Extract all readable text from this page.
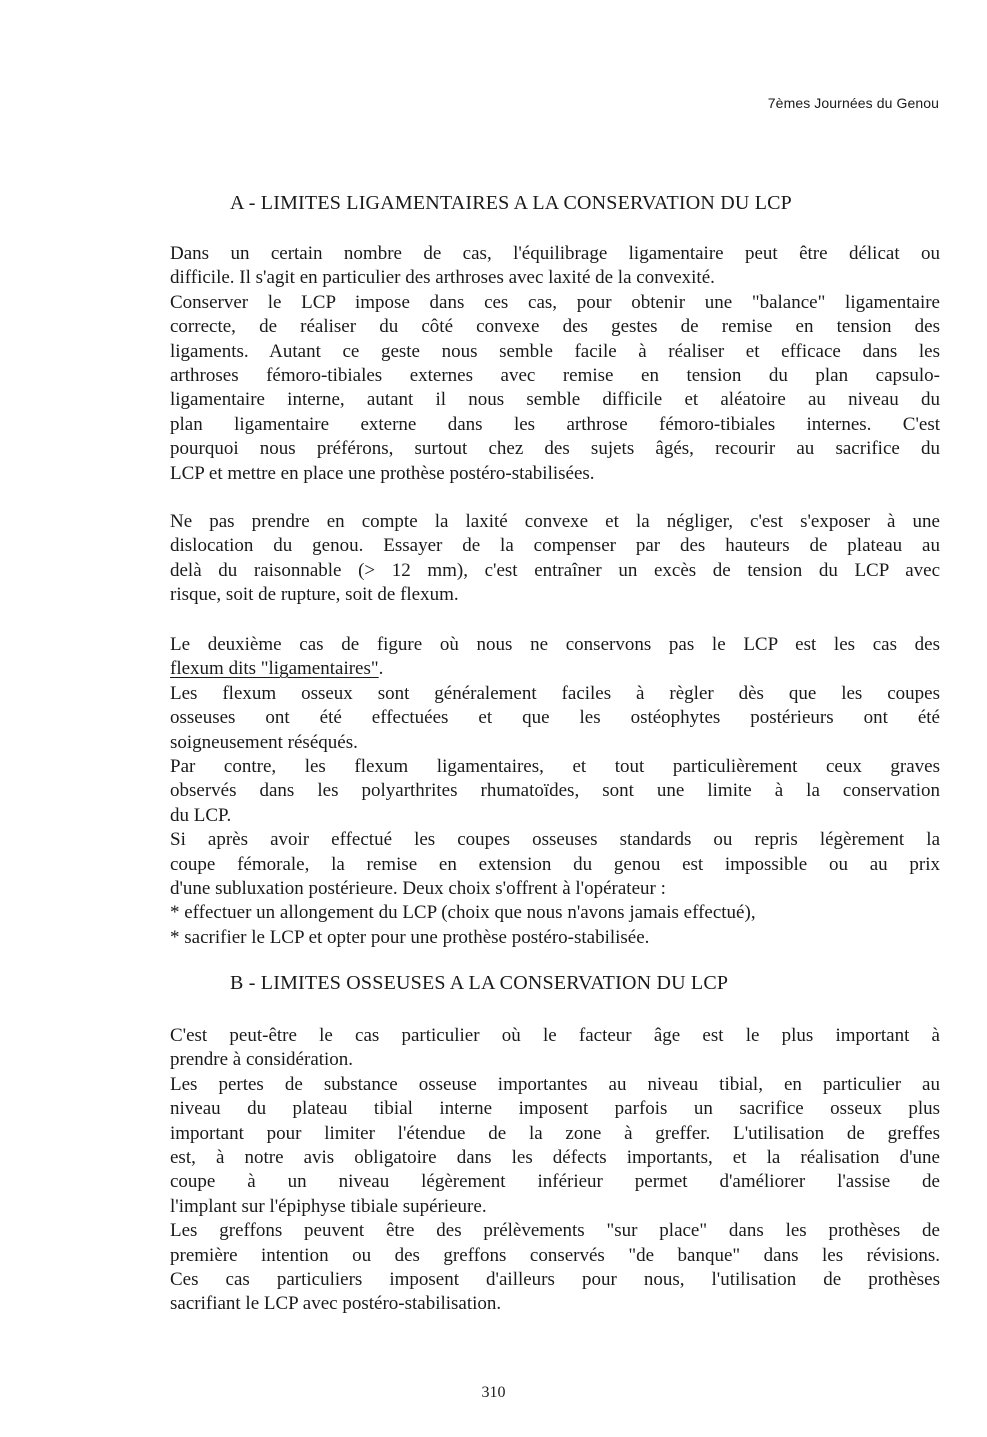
7èmes Journées du Genou
A - LIMITES LIGAMENTAIRES A LA CONSERVATION DU LCP
Dans un certain nombre de cas, l'équilibrage ligamentaire peut être délicat ou
difficile. Il s'agit en particulier des arthroses avec laxité de la convexité.
Conserver le LCP impose dans ces cas, pour obtenir une "balance" ligamentaire
correcte, de réaliser du côté convexe des gestes de remise en tension des
ligaments. Autant ce geste nous semble facile à réaliser et efficace dans les
arthroses fémoro-tibiales externes avec remise en tension du plan capsulo-
ligamentaire interne, autant il nous semble difficile et aléatoire au niveau du
plan ligamentaire externe dans les arthrose fémoro-tibiales internes. C'est
pourquoi nous préférons, surtout chez des sujets âgés, recourir au sacrifice du
LCP et mettre en place une prothèse postéro-stabilisées.
Ne pas prendre en compte la laxité convexe et la négliger, c'est s'exposer à une
dislocation du genou. Essayer de la compenser par des hauteurs de plateau au
delà du raisonnable (> 12 mm), c'est entraîner un excès de tension du LCP avec
risque, soit de rupture, soit de flexum.
Le deuxième cas de figure où nous ne conservons pas le LCP est les cas des
flexum dits "ligamentaires".
Les flexum osseux sont généralement faciles à règler dès que les coupes
osseuses ont été effectuées et que les ostéophytes postérieurs ont été
soigneusement réséqués.
Par contre, les flexum ligamentaires, et tout particulièrement ceux graves
observés dans les polyarthrites rhumatoïdes, sont une limite à la conservation
du LCP.
Si après avoir effectué les coupes osseuses standards ou repris légèrement la
coupe fémorale, la remise en extension du genou est impossible ou au prix
d'une subluxation postérieure. Deux choix s'offrent à l'opérateur :
* effectuer un allongement du LCP (choix que nous n'avons jamais effectué),
* sacrifier le LCP et opter pour une prothèse postéro-stabilisée.
B - LIMITES OSSEUSES A LA CONSERVATION DU LCP
C'est peut-être le cas particulier où le facteur âge est le plus important à
prendre à considération.
Les pertes de substance osseuse importantes au niveau tibial, en particulier au
niveau du plateau tibial interne imposent parfois un sacrifice osseux plus
important pour limiter l'étendue de la zone à greffer. L'utilisation de greffes
est, à notre avis obligatoire dans les défects importants, et la réalisation d'une
coupe à un niveau légèrement inférieur permet d'améliorer l'assise de
l'implant sur l'épiphyse tibiale supérieure.
Les greffons peuvent être des prélèvements "sur place" dans les prothèses de
première intention ou des greffons conservés "de banque" dans les révisions.
Ces cas particuliers imposent d'ailleurs pour nous, l'utilisation de prothèses
sacrifiant le LCP avec postéro-stabilisation.
310
